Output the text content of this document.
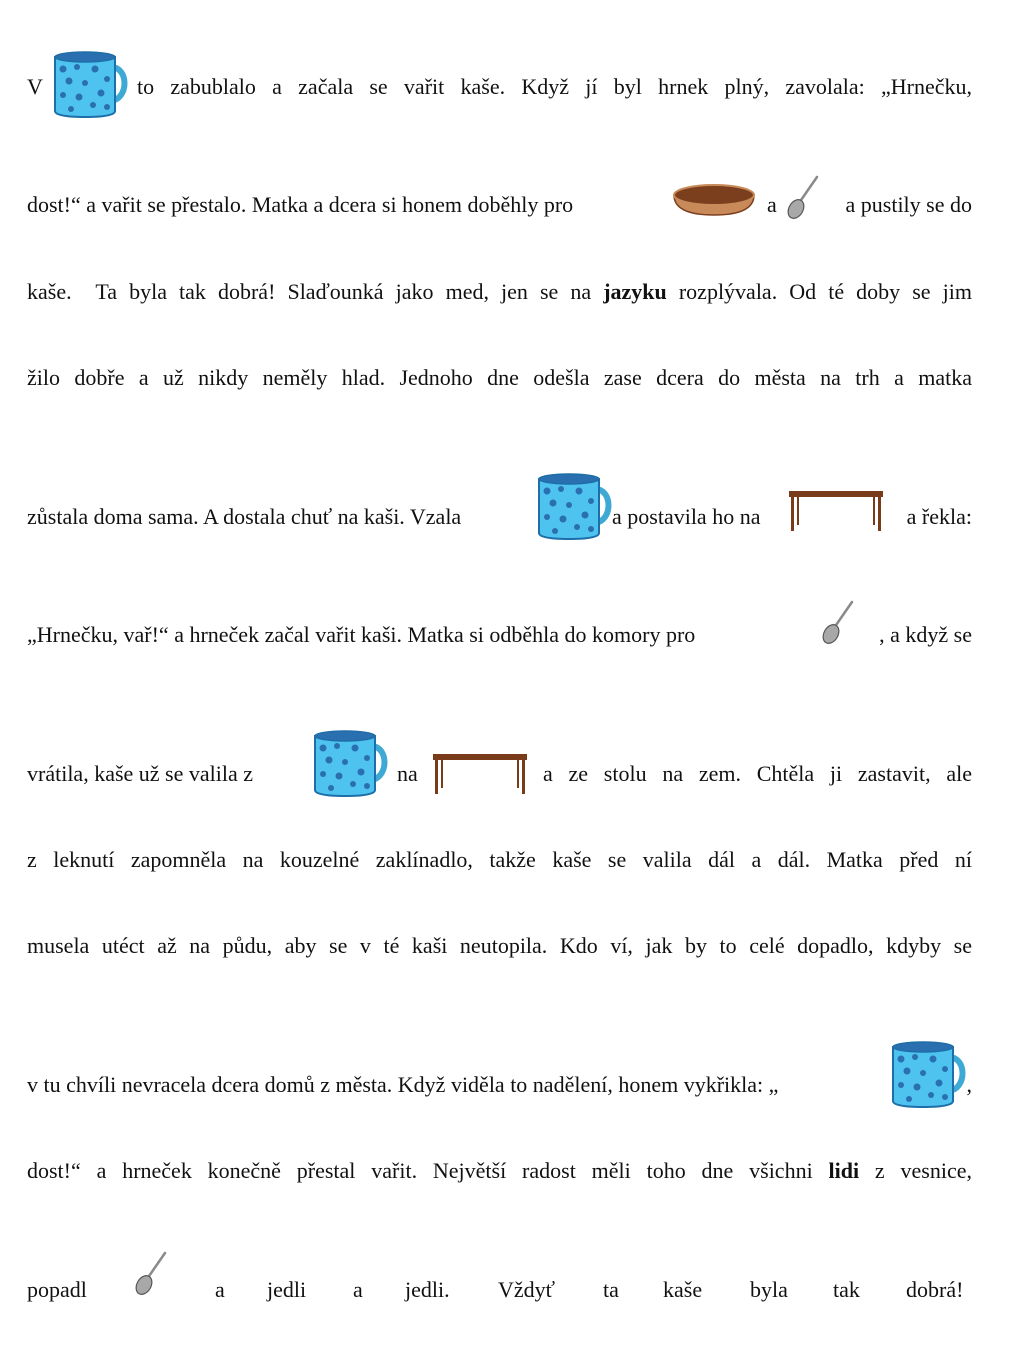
V	to zabublalo a začala se vařit kaše. Když jí byl hrnek plný, zavolala: „Hrnečku,
dost!“ a vařit se přestalo. Matka a dcera si honem doběhly pro	a	a pustily se do
kaše.  Ta byla tak dobrá! Slaďounká jako med, jen se na jazyku rozplývala. Od té doby se jim
žilo dobře a už nikdy neměly hlad. Jednoho dne odešla zase dcera do města na trh a matka
zůstala doma sama. A dostala chuť na kaši. Vzala	a postavila ho na	a řekla:
„Hrnečku, vař!“ a hrneček začal vařit kaši. Matka si odběhla do komory pro	, a když se
vrátila, kaše už se valila z	na	a ze stolu na zem. Chtěla ji zastavit, ale
z leknutí zapomněla na kouzelné zaklínadlo, takže kaše se valila dál a dál. Matka před ní
musela utéct až na půdu, aby se v té kaši neutopila. Kdo ví, jak by to celé dopadlo, kdyby se
v tu chvíli nevracela dcera domů z města. Když viděla to nadělení, honem vykřikla: „	,
dost!“ a hrneček konečně přestal vařit. Největší radost měli toho dne všichni lidi z vesnice,
popadl	a jedli a jedli. Vždyť ta kaše byla tak dobrá!
